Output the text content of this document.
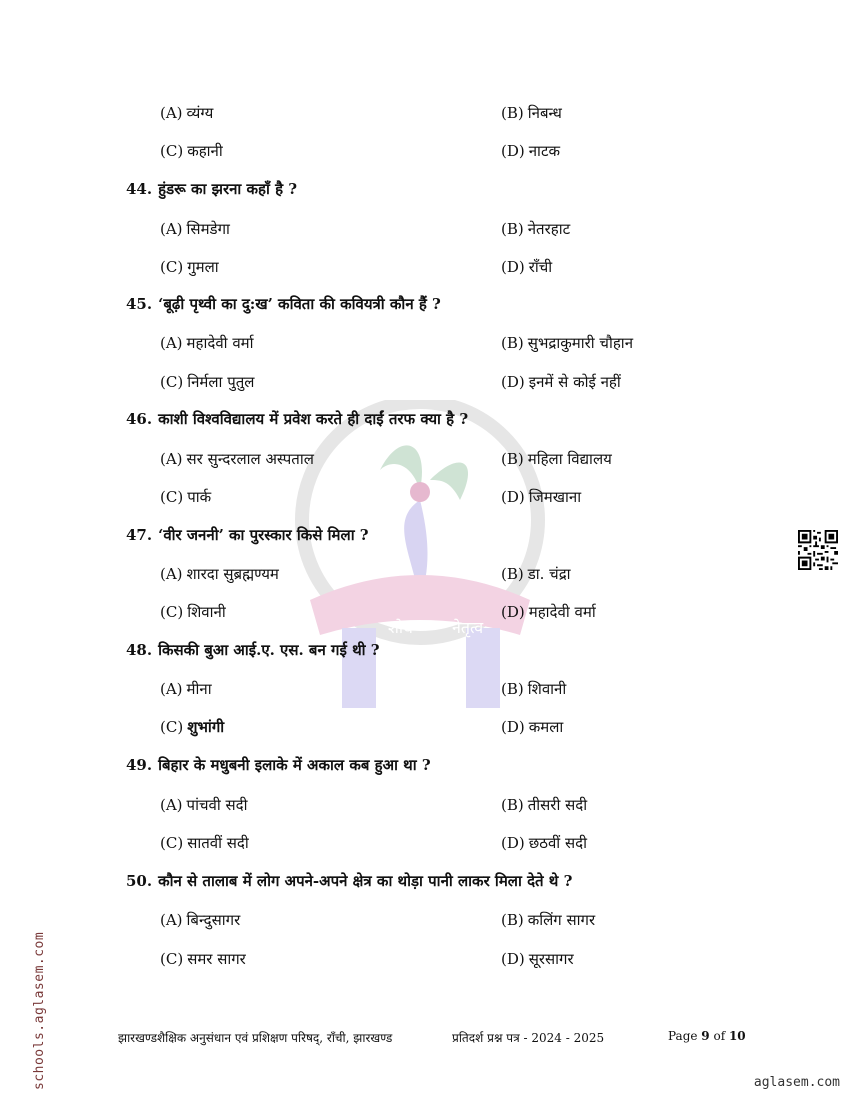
शोध नेतृत्व
(A) व्यंग्य	(B) निबन्ध
(C) कहानी	(D) नाटक
44. हुंडरू का झरना कहाँ है ?
(A) सिमडेगा	(B) नेतरहाट
(C) गुमला	(D) राँची
45. ‘बूढ़ी पृथ्वी का दु:ख’ कविता की कवियत्री कौन हैं ?
(A) महादेवी वर्मा	(B) सुभद्राकुमारी चौहान
(C) निर्मला पुतुल	(D) इनमें से कोई नहीं
46. काशी विश्वविद्यालय में प्रवेश करते ही दाईं तरफ क्या है ?
(A) सर सुन्दरलाल अस्पताल	(B) महिला विद्यालय
(C) पार्क	(D) जिमखाना
47. ‘वीर जननी’ का पुरस्कार किसे मिला ?
(A) शारदा सुब्रह्मण्यम	(B) डा. चंद्रा
(C) शिवानी	(D) महादेवी वर्मा
48. किसकी बुआ आई.ए. एस. बन गई थी ?
(A) मीना	(B) शिवानी
(C) शुभांगी	(D) कमला
49. बिहार के मधुबनी इलाके में अकाल कब हुआ था ?
(A) पांचवी सदी	(B) तीसरी सदी
(C) सातवीं सदी	(D) छठवीं सदी
50. कौन से तालाब में लोग अपने-अपने क्षेत्र का थोड़ा पानी लाकर मिला देते थे ?
(A) बिन्दुसागर	(B) कलिंग सागर
(C) समर सागर	(D) सूरसागर
schools.aglasem.com	झारखण्डशैक्षिक अनुसंधान एवं प्रशिक्षण परिषद्, राँची, झारखण्ड	प्रतिदर्श प्रश्न पत्र - 2024 - 2025	Page 9 of 10
aglasem.com
